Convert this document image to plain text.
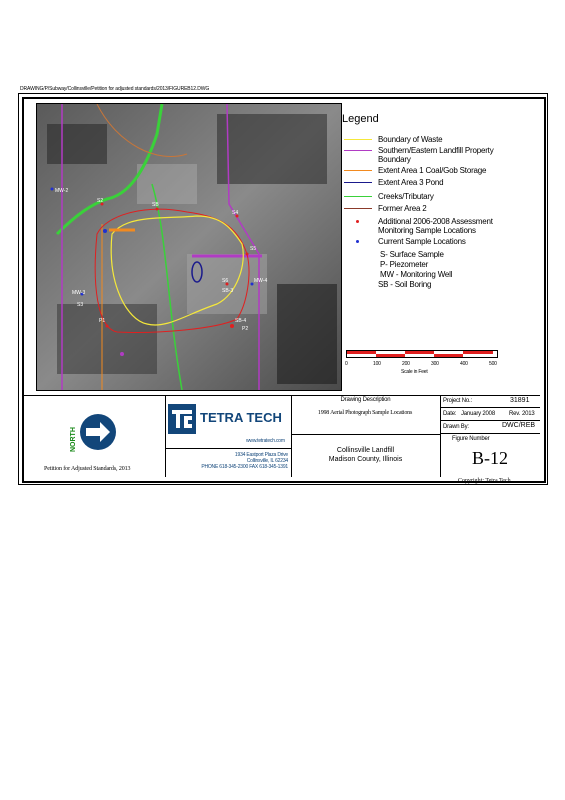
DRAWING/P/Subway/Collinsville/Petition for adjusted standards/2013/FIGUREB12.DWG
MW-2
S2
SB
MW-3
S3
S4
S5
MW-4
S6
SB-3
SB-4
P1
P2
Legend
Boundary of Waste
Southern/Eastern Landfill Property Boundary
Extent Area 1 Coal/Gob Storage
Extent Area 3 Pond
Creeks/Tributary
Former Area 2
Additional 2006-2008 Assessment Monitoring Sample Locations
Current Sample Locations
S- Surface Sample
P- Piezometer
MW - Monitoring Well
SB - Soil Boring
0	100	200	300	400	500
Scale in Feet
NORTH
Petition for Adjusted Standards, 2013
TETRA TECH
www.tetratech.com
1934 Eastport Plaza Drive
Collinsville, IL 62234
PHONE 618-345-2300 FAX 618-345-1391
Drawing Description
1998 Aerial Photograph Sample Locations
Collinsville Landfill
Madison County, Illinois
Project No.:	31891
Date: January 2008 Rev. 2013
Drawn By:	DWC/REB
Figure Number
B-12
Copyright: Tetra Tech
